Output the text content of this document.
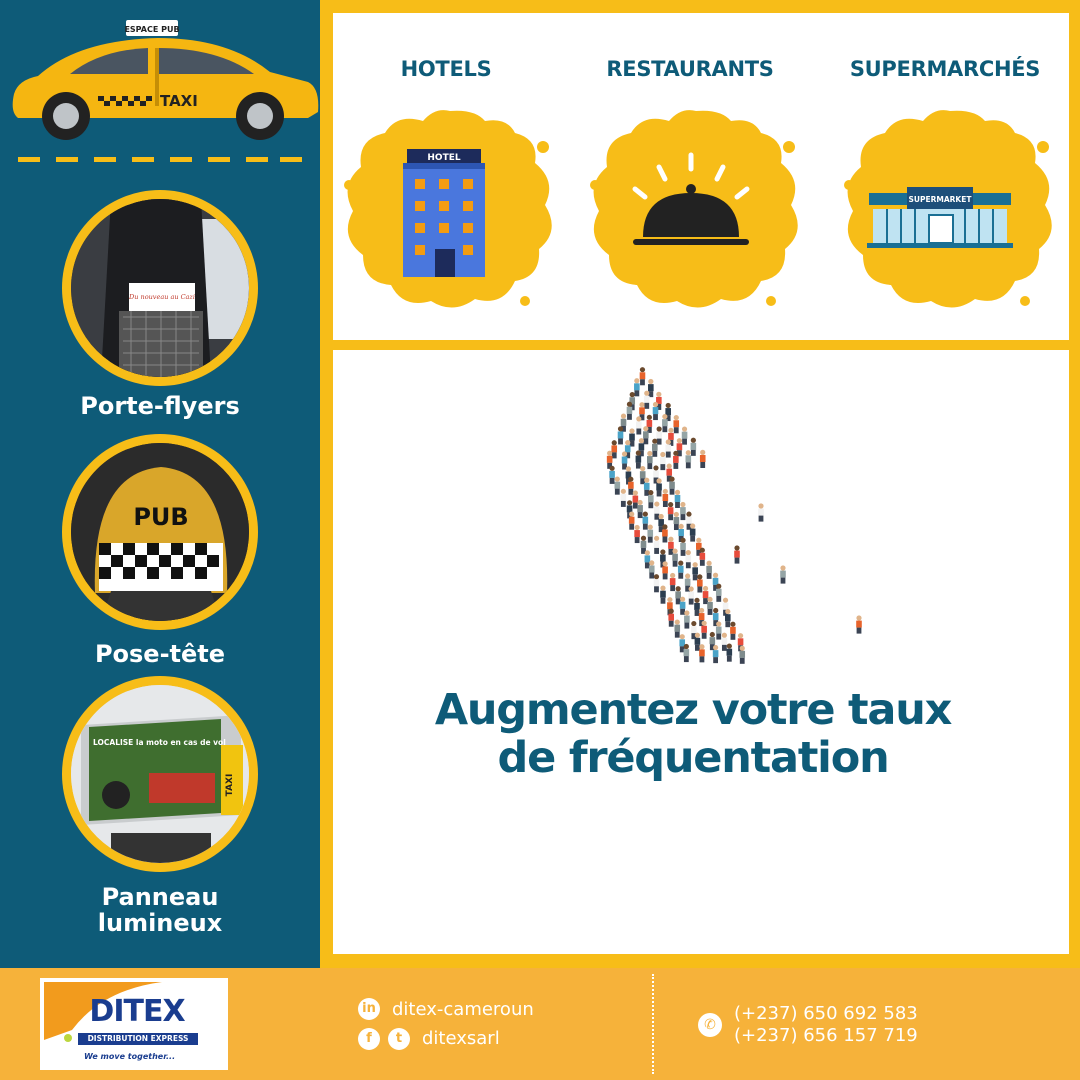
ESPACE PUB
TAXI
Du nouveau au Cazi
Porte-flyers
PUB
Pose-tête
TAXI
LOCALISE la moto en cas de vol
Panneau
lumineux
HOTELS	RESTAURANTS	SUPERMARCHÉS
HOTEL
SUPERMARKET
Augmentez votre taux
de fréquentation
DITEX
DISTRIBUTION EXPRESS
We move together...
in ditex-cameroun
f	t	ditexsarl
✆
(+237) 650 692 583
(+237) 656 157 719
